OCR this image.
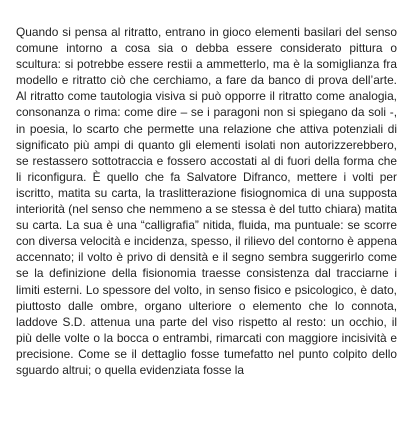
Quando si pensa al ritratto, entrano in gioco elementi basilari del senso comune intorno a cosa sia o debba essere considerato pittura o scultura: si potrebbe essere restii a ammetterlo, ma è la somiglianza fra modello e ritratto ciò che cerchiamo, a fare da banco di prova dell’arte. Al ritratto come tautologia visiva si può opporre il ritratto come analogia, consonanza o rima: come dire – se i paragoni non si spiegano da soli -, in poesia, lo scarto che permette una relazione che attiva potenziali di significato più ampi di quanto gli elementi isolati non autorizzerebbero, se restassero sottotraccia e fossero accostati al di fuori della forma che li riconfigura. È quello che fa Salvatore Difranco, mettere i volti per iscritto, matita su carta, la traslitterazione fisiognomica di una supposta interiorità (nel senso che nemmeno a se stessa è del tutto chiara) matita su carta. La sua è una “calligrafia” nitida, fluida, ma puntuale: se scorre con diversa velocità e incidenza, spesso, il rilievo del contorno è appena accennato; il volto è privo di densità e il segno sembra suggerirlo come se la definizione della fisionomia traesse consistenza dal tracciarne i limiti esterni. Lo spessore del volto, in senso fisico e psicologico, è dato, piuttosto dalle ombre, organo ulteriore o elemento che lo connota, laddove S.D. attenua una parte del viso rispetto al resto: un occhio, il più delle volte o la bocca o entrambi, rimarcati con maggiore incisività e precisione. Come se il dettaglio fosse tumefatto nel punto colpito dello sguardo altrui; o quella evidenziata fosse la
